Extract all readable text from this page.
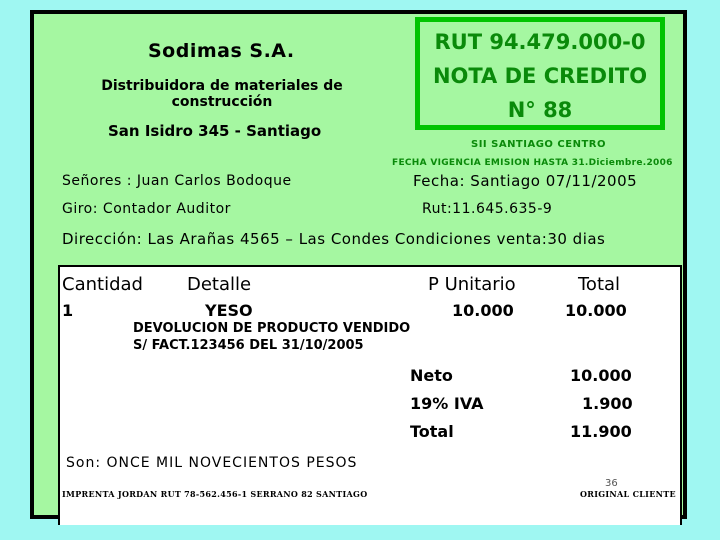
Sodimas S.A.
Distribuidora de materiales de construcción
San Isidro 345 - Santiago
RUT 94.479.000-0
NOTA DE CREDITO
N° 88
SII SANTIAGO CENTRO
FECHA VIGENCIA EMISION HASTA 31.Diciembre.2006
Señores : Juan Carlos Bodoque	Fecha: Santiago 07/11/2005
Giro: Contador Auditor	Rut:11.645.635-9
Dirección: Las Arañas 4565 – Las Condes Condiciones venta:30 dias
Cantidad Detalle	P Unitario	Total
1	YESO	10.000	10.000
DEVOLUCION DE PRODUCTO VENDIDO
S/ FACT.123456 DEL 31/10/2005
Neto	10.000
19% IVA	1.900
Total	11.900
Son: ONCE MIL NOVECIENTOS PESOS
IMPRENTA JORDAN RUT 78-562.456-1 SERRANO 82 SANTIAGO	ORIGINAL CLIENTE
36
